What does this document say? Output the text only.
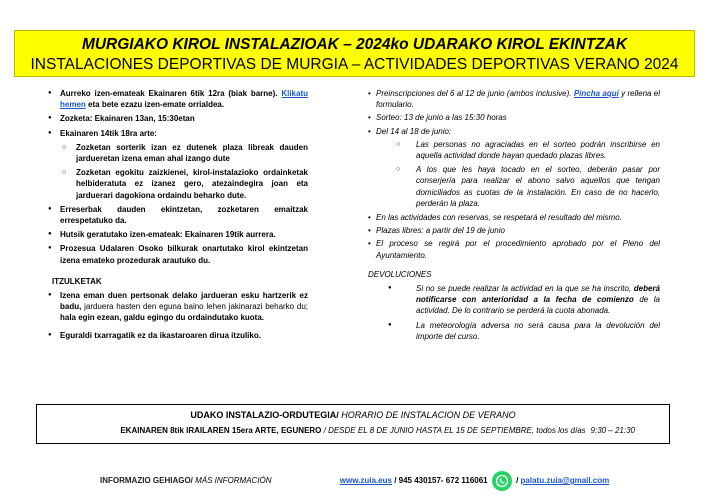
MURGIAKO KIROL INSTALAZIOAK – 2024ko UDARAKO KIROL EKINTZAK
INSTALACIONES DEPORTIVAS DE MURGIA – ACTIVIDADES DEPORTIVAS VERANO 2024
● Aurreko izen-emateak Ekainaren 6tik 12ra (biak barne). Klikatu hemen eta bete ezazu izen-emate orrialdea.
● Zozketa: Ekainaren 13an, 15:30etan
● Ekainaren 14tik 18ra arte:
○ Zozketan sorterik izan ez dutenek plaza libreak dauden jardueretan izena eman ahal izango dute
○ Zozketan egokitu zaizkienei, kirol-instalazioko ordainketak helbideratuta ez izanez gero, atezaindegira joan eta jarduerari dagokiona ordaindu beharko dute.
● Erreserbak dauden ekintzetan, zozketaren emaitzak errespetatuko da.
● Hutsik geratutako izen-emateak: Ekainaren 19tik aurrera.
● Prozesua Udalaren Osoko bilkurak onartutako kirol ekintzetan izena emateko prozedurak arautuko du.
ITZULKETAK
● Izena eman duen pertsonak delako jardueran esku hartzerik ez badu, jarduera hasten den eguna baino lehen jakinarazi beharko du; hala egin ezean, galdu egingo du ordaindutako kuota.
● Eguraldi txarragatik ez da ikastaroaren dirua itzuliko.
• Preinscripciones del 6 al 12 de junio (ambos inclusive). Pincha aquí y rellena el formulario.
• Sorteo: 13 de junio a las 15:30 horas
• Del 14 al 18 de junio:
○ Las personas no agraciadas en el sorteo podrán inscribirse en aquella actividad donde hayan quedado plazas libres.
○ A los que les haya tocado en el sorteo, deberán pasar por conserjería para realizar el abono salvo aquellos que tengan domiciliados as cuotas de la instalación. En caso de no hacerlo, perderán la plaza.
• En las actividades con reservas, se respetará el resultado del mismo.
• Plazas libres: a partir del 19 de junio
• El proceso se regirá por el procedimiento aprobado por el Pleno del Ayuntamiento.
DEVOLUCIONES
● Si no se puede realizar la actividad en la que se ha inscrito, deberá notificarse con anterioridad a la fecha de comienzo de la actividad. De lo contrario se perderá la cuota abonada.
● La meteorología adversa no será causa para la devolución del importe del curso.
UDAKO INSTALAZIO-ORDUTEGIA/ HORARIO DE INSTALACION DE VERANO
EKAINAREN 8tik IRAILAREN 15era ARTE, EGUNERO / DESDE EL 8 DE JUNIO HASTA EL 15 DE SEPTIEMBRE, todos los días 9:30 – 21:30
INFORMAZIO GEHIAGO/ MÁS INFORMACIÓN	www.zuia.eus / 945 430157- 672 116061	/ palatu.zuia@gmail.com
